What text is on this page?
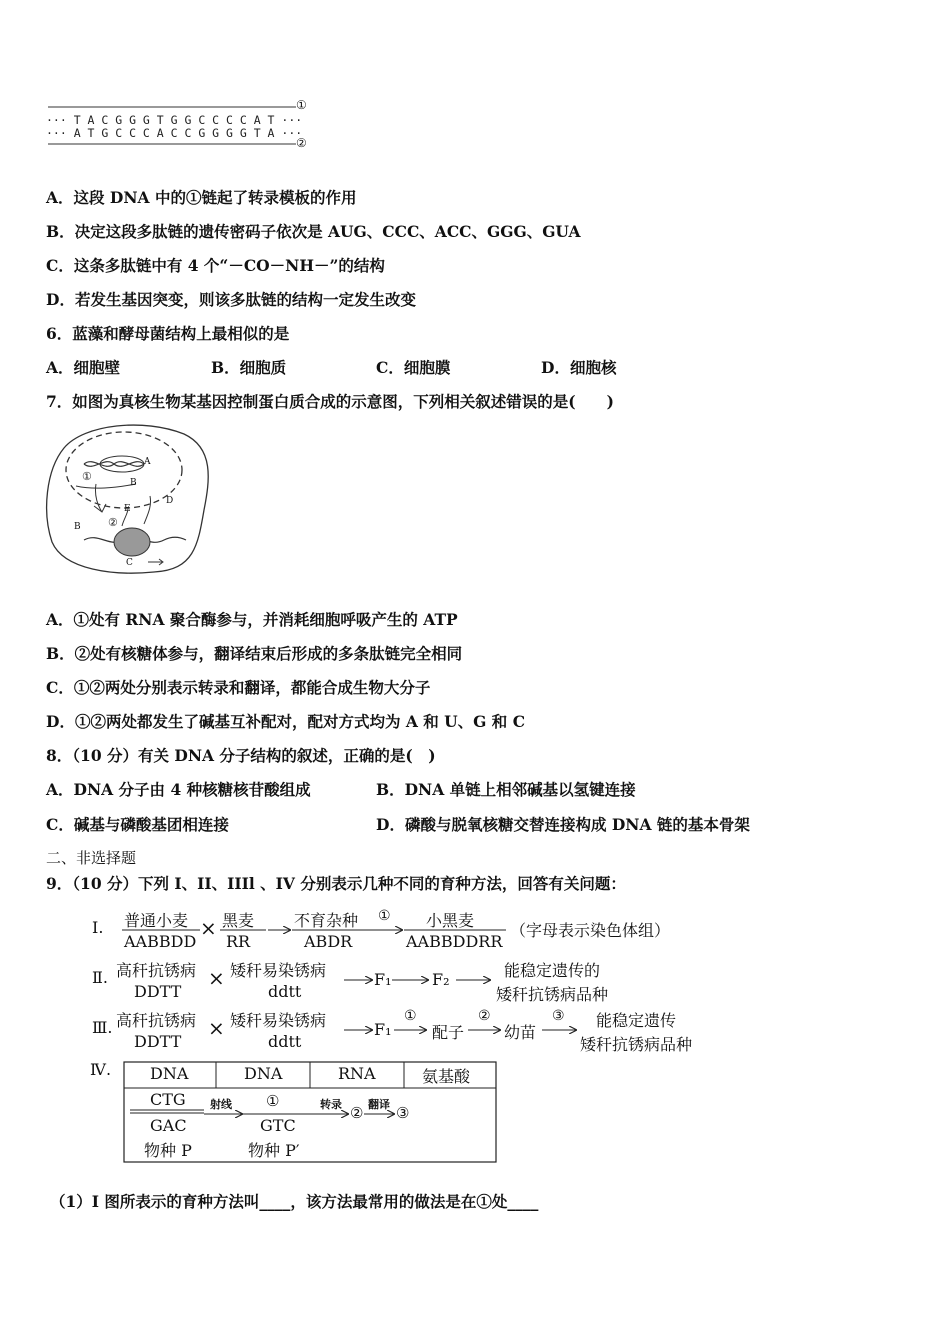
··· T A C G G G T G G C C C C A T ···
··· A T G C C C A C C G G G G T A ···
①
②
A．这段 DNA 中的①链起了转录模板的作用
B．决定这段多肽链的遗传密码子依次是 AUG、CCC、ACC、GGG、GUA
C．这条多肽链中有 4 个“－CO－NH－”的结构
D．若发生基因突变，则该多肽链的结构一定发生改变
6．蓝藻和酵母菌结构上最相似的是
A．细胞壁	B．细胞质	C．细胞膜	D．细胞核
7．如图为真核生物某基因控制蛋白质合成的示意图，下列相关叙述错误的是(　　)
A
B
①
D
E
②
B
C
A．①处有 RNA 聚合酶参与，并消耗细胞呼吸产生的 ATP
B．②处有核糖体参与，翻译结束后形成的多条肽链完全相同
C．①②两处分别表示转录和翻译，都能合成生物大分子
D．①②两处都发生了碱基互补配对，配对方式均为 A 和 U、G 和 C
8．（10 分）有关 DNA 分子结构的叙述，正确的是(　)
A．DNA 分子由 4 种核糖核苷酸组成	B．DNA 单链上相邻碱基以氢键连接
C．碱基与磷酸基团相连接	D．磷酸与脱氧核糖交替连接构成 DNA 链的基本骨架
二、非选择题
9．（10 分）下列 I、II、IIIl 、IV 分别表示几种不同的育种方法，回答有关问题：
Ⅰ. 普通小麦
AABBDD
× 黑麦
RR
不育杂种
ABDR
① 小黑麦
AABBDDRR
（字母表示染色体组）
Ⅱ. 高秆抗锈病
DDTT
× 矮秆易染锈病
ddtt
F₁	F₂	能稳定遗传的
矮秆抗锈病品种
Ⅲ. 高秆抗锈病
DDTT
× 矮秆易染锈病
ddtt
F₁
①
配子
②
幼苗
③ 能稳定遗传
矮秆抗锈病品种
Ⅳ. DNA	DNA	RNA	氨基酸
CTG
GAC
物种 P
射线 ①
GTC
物种 P′
转录 ② 翻译 ③
（1）I 图所表示的育种方法叫____，该方法最常用的做法是在①处____
